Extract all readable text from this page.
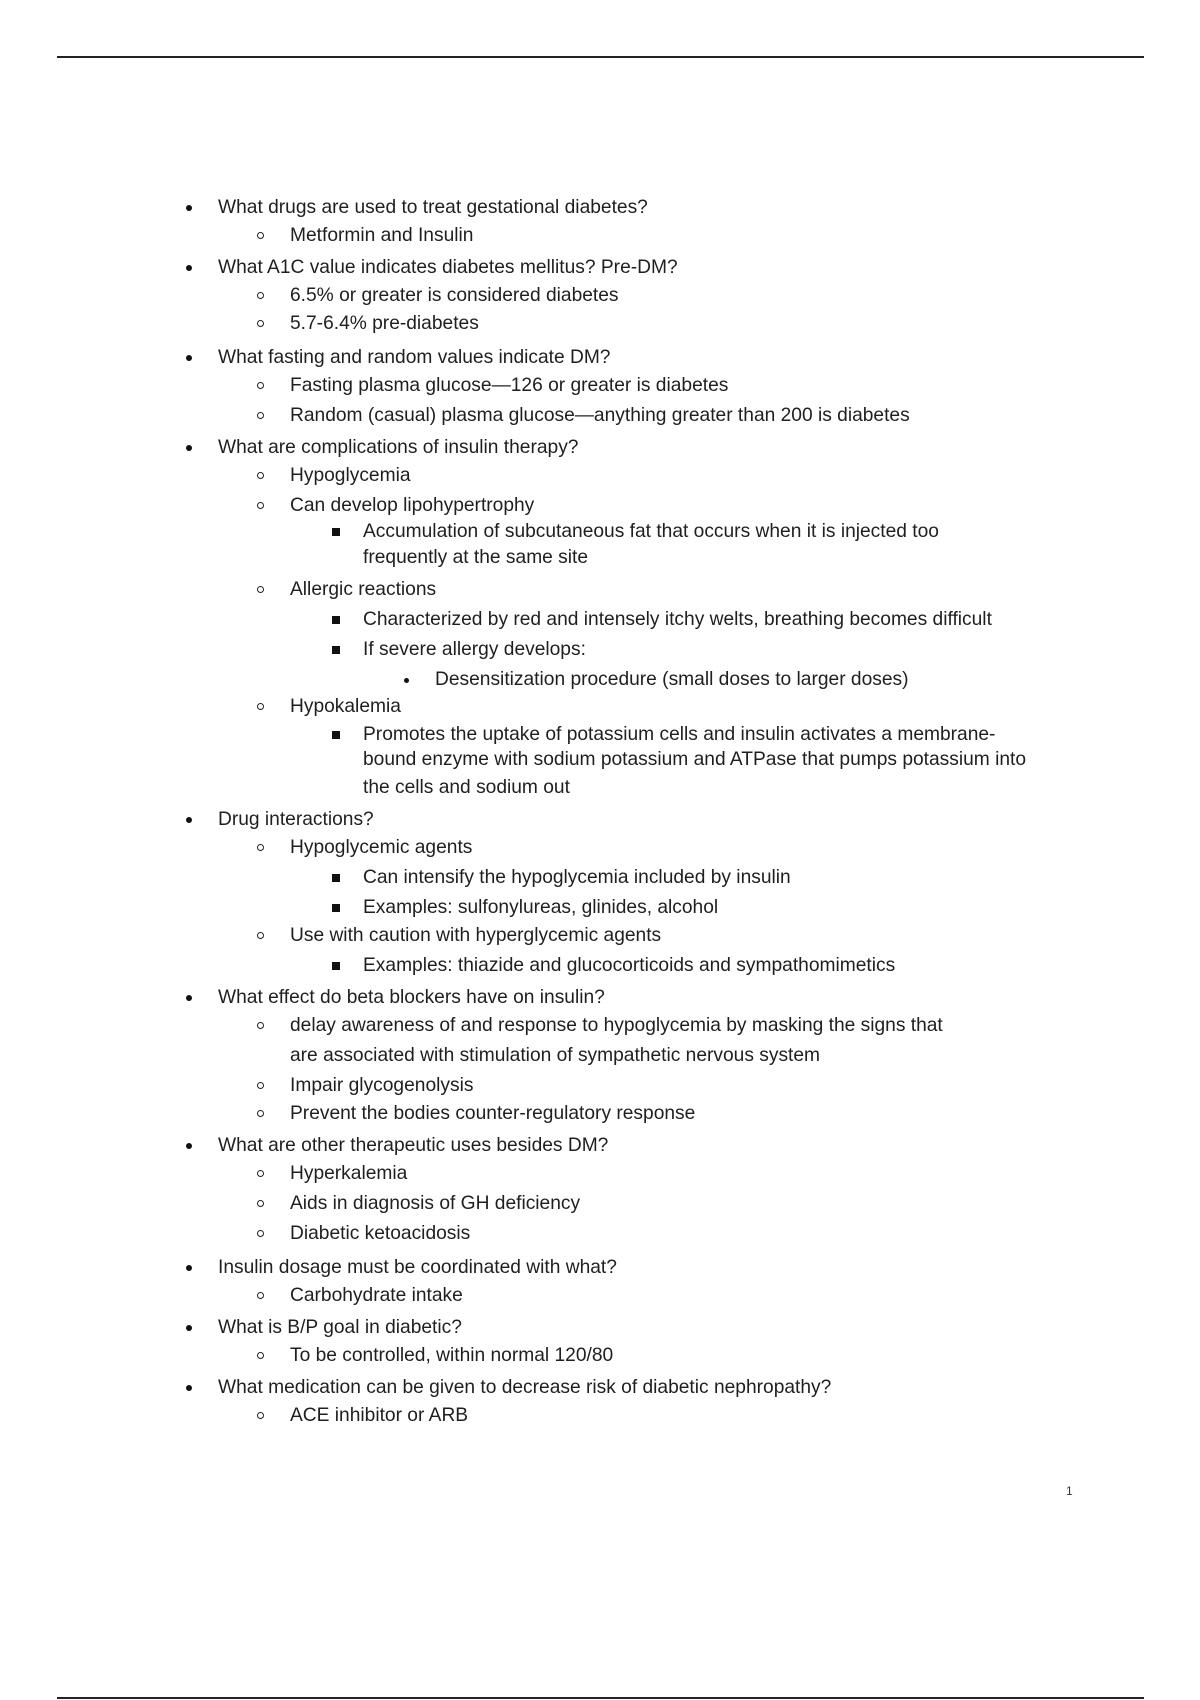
What drugs are used to treat gestational diabetes?
Metformin and Insulin
What A1C value indicates diabetes mellitus? Pre-DM?
6.5% or greater is considered diabetes
5.7-6.4% pre-diabetes
What fasting and random values indicate DM?
Fasting plasma glucose—126 or greater is diabetes
Random (casual) plasma glucose—anything greater than 200 is diabetes
What are complications of insulin therapy?
Hypoglycemia
Can develop lipohypertrophy
Accumulation of subcutaneous fat that occurs when it is injected too
frequently at the same site
Allergic reactions
Characterized by red and intensely itchy welts, breathing becomes difficult
If severe allergy develops:
Desensitization procedure (small doses to larger doses)
Hypokalemia
Promotes the uptake of potassium cells and insulin activates a membrane-
bound enzyme with sodium potassium and ATPase that pumps potassium into
the cells and sodium out
Drug interactions?
Hypoglycemic agents
Can intensify the hypoglycemia included by insulin
Examples: sulfonylureas, glinides, alcohol
Use with caution with hyperglycemic agents
Examples: thiazide and glucocorticoids and sympathomimetics
What effect do beta blockers have on insulin?
delay awareness of and response to hypoglycemia by masking the signs that
are associated with stimulation of sympathetic nervous system
Impair glycogenolysis
Prevent the bodies counter-regulatory response
What are other therapeutic uses besides DM?
Hyperkalemia
Aids in diagnosis of GH deficiency
Diabetic ketoacidosis
Insulin dosage must be coordinated with what?
Carbohydrate intake
What is B/P goal in diabetic?
To be controlled, within normal 120/80
What medication can be given to decrease risk of diabetic nephropathy?
ACE inhibitor or ARB
1
